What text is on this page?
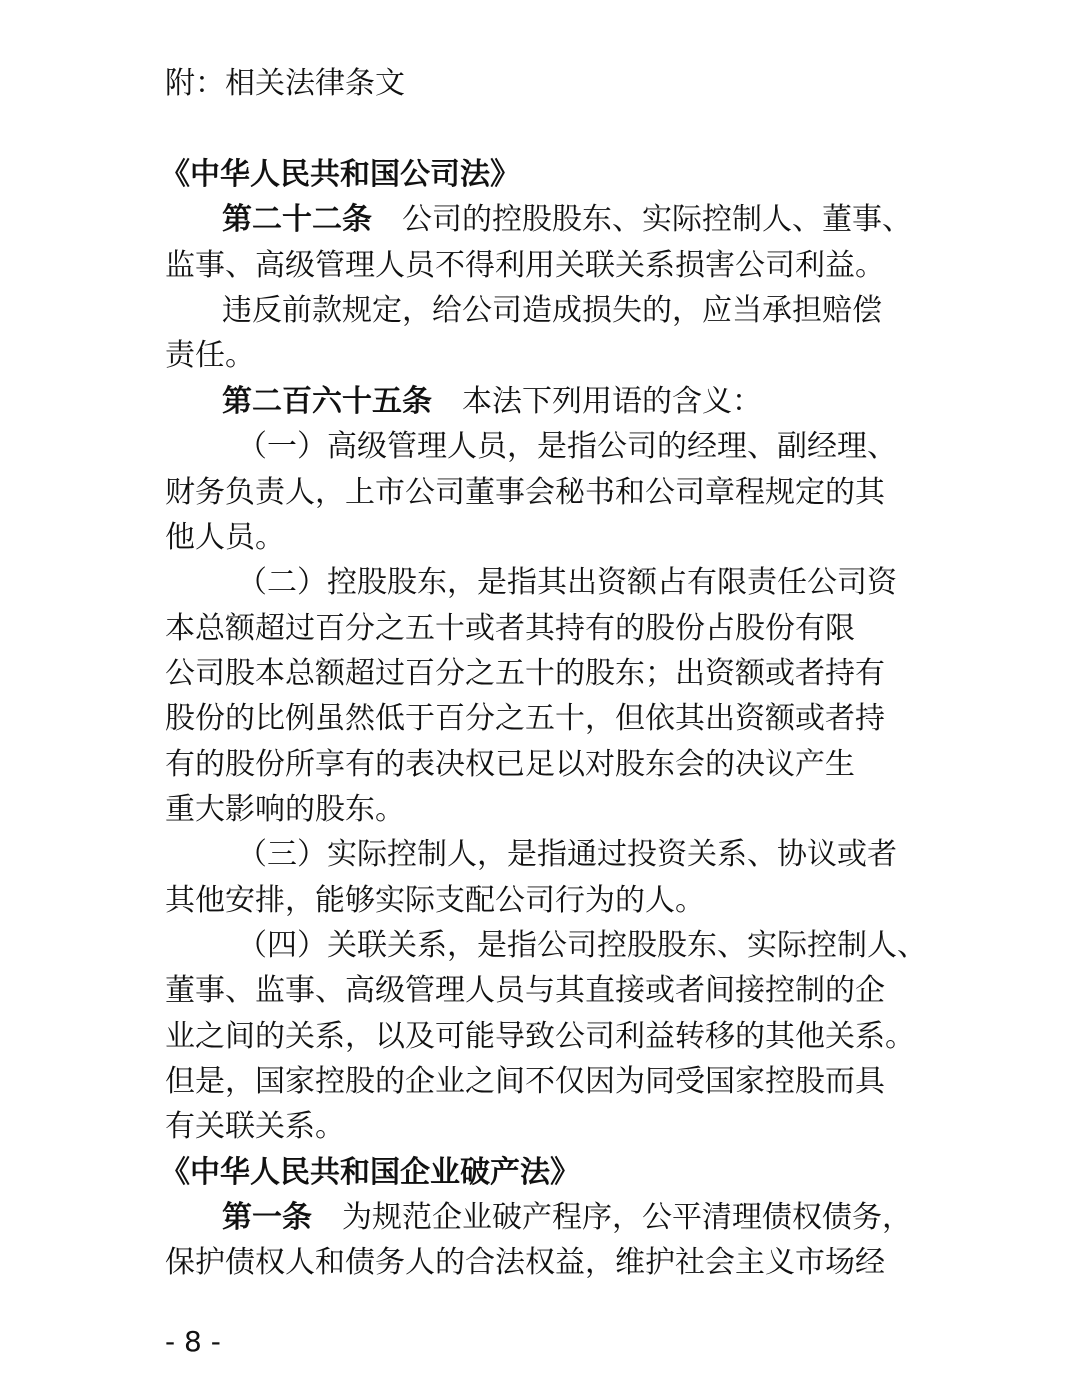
附：相关法律条文
《中华人民共和国公司法》
第二十二条 公司的控股股东、实际控制人、董事、
监事、高级管理人员不得利用关联关系损害公司利益。
违反前款规定，给公司造成损失的，应当承担赔偿
责任。
第二百六十五条 本法下列用语的含义：
（一）高级管理人员，是指公司的经理、副经理、
财务负责人，上市公司董事会秘书和公司章程规定的其
他人员。
（二）控股股东，是指其出资额占有限责任公司资
本总额超过百分之五十或者其持有的股份占股份有限
公司股本总额超过百分之五十的股东；出资额或者持有
股份的比例虽然低于百分之五十，但依其出资额或者持
有的股份所享有的表决权已足以对股东会的决议产生
重大影响的股东。
（三）实际控制人，是指通过投资关系、协议或者
其他安排，能够实际支配公司行为的人。
（四）关联关系，是指公司控股股东、实际控制人、
董事、监事、高级管理人员与其直接或者间接控制的企
业之间的关系，以及可能导致公司利益转移的其他关系。
但是，国家控股的企业之间不仅因为同受国家控股而具
有关联关系。
《中华人民共和国企业破产法》
第一条 为规范企业破产程序，公平清理债权债务，
保护债权人和债务人的合法权益，维护社会主义市场经
- 8 -
